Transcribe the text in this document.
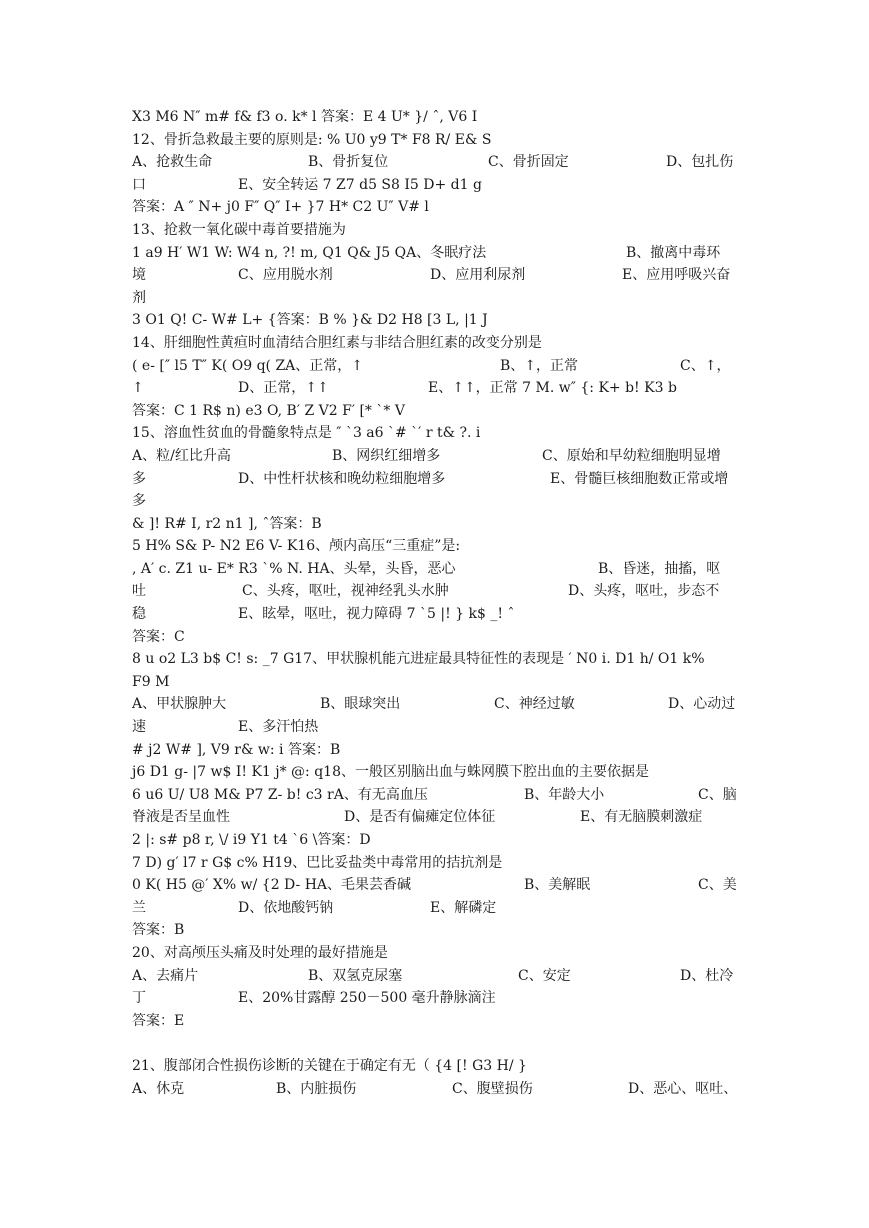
X3 M6 N″ m# f& f3 o. k* l 答案：E 4 U* }/ ˆ, V6 I
12、骨折急救最主要的原则是: % U0 y9 T* F8 R/ E& S
A、抢救生命	B、骨折复位	C、骨折固定	D、包扎伤
口	E、安全转运 7 Z7 d5 S8 I5 D+ d1 g
答案：A ″ N+ j0 F″ Q″ I+ }7 H* C2 U″ V# l
13、抢救一氧化碳中毒首要措施为
1 a9 H′ W1 W: W4 n, ?! m, Q1 Q& J5 QA、冬眠疗法	B、撤离中毒环
境	C、应用脱水剂	D、应用利尿剂	E、应用呼吸兴奋
剂
3 O1 Q! C- W# L+ {答案：B % }& D2 H8 [3 L, |1 J
14、肝细胞性黄疸时血清结合胆红素与非结合胆红素的改变分别是
( e- [″ l5 T″ K( O9 q( ZA、正常，↑	B、↑，正常	C、↑，
↑	D、正常，↑↑	E、↑↑，正常 7 M. w″ {: K+ b! K3 b
答案：C 1 R$ n) e3 O, B′ Z V2 F′ [* `* V
15、溶血性贫血的骨髓象特点是 ″ `3 a6 `# `′ r t& ?. i
A、粒/红比升高	B、网织红细增多	C、原始和早幼粒细胞明显增
多	D、中性杆状核和晚幼粒细胞增多	E、骨髓巨核细胞数正常或增
多
& ]! R# I, r2 n1 ], ˆ答案：B
5 H% S& P- N2 E6 V- K16、颅内高压“三重症”是:
, A′ c. Z1 u- E* R3 `% N. HA、头晕，头昏，恶心	B、昏迷，抽搐，呕
吐	C、头疼，呕吐，视神经乳头水肿	D、头疼，呕吐，步态不
稳	E、眩晕，呕吐，视力障碍 7 `5 |! } k$ _! ˆ
答案：C
8 u o2 L3 b$ C! s: _7 G17、甲状腺机能亢进症最具特征性的表现是 ′ N0 i. D1 h/ O1 k%
F9 M
A、甲状腺肿大	B、眼球突出	C、神经过敏	D、心动过
速	E、多汗怕热
# j2 W# ], V9 r& w: i 答案：B
j6 D1 g- |7 w$ I! K1 j* @: q18、一般区别脑出血与蛛网膜下腔出血的主要依据是
6 u6 U/ U8 M& P7 Z- b! c3 rA、有无高血压	B、年龄大小	C、脑
脊液是否呈血性	D、是否有偏瘫定位体征	E、有无脑膜刺激症
2 |: s# p8 r, \/ i9 Y1 t4 `6 \答案：D
7 D) g′ l7 r G$ c% H19、巴比妥盐类中毒常用的拮抗剂是
0 K( H5 @′ X% w/ {2 D- HA、毛果芸香碱	B、美解眠	C、美
兰	D、依地酸钙钠	E、解磷定
答案：B
20、对高颅压头痛及时处理的最好措施是
A、去痛片	B、双氢克尿塞	C、安定	D、杜冷
丁	E、20%甘露醇 250－500 毫升静脉滴注
答案：E
21、腹部闭合性损伤诊断的关键在于确定有无（ {4 [! G3 H/ }
A、休克	B、内脏损伤	C、腹壁损伤	D、恶心、呕吐、
